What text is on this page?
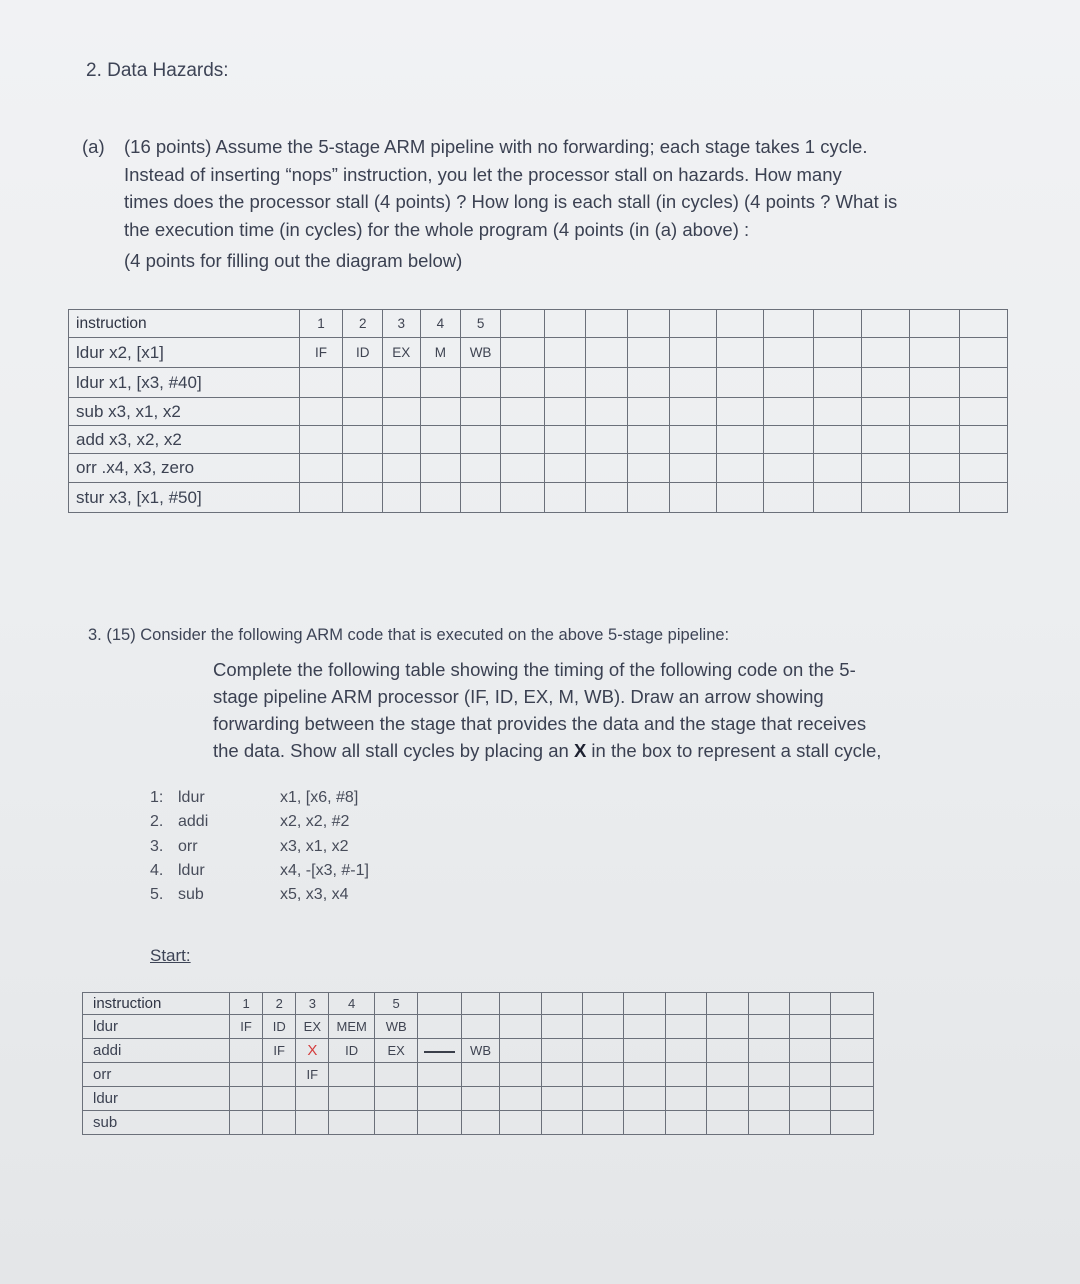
2. Data Hazards:
(a) (16 points) Assume the 5-stage ARM pipeline with no forwarding; each stage takes 1 cycle.
Instead of inserting “nops” instruction, you let the processor stall on hazards. How many
times does the processor stall (4 points) ? How long is each stall (in cycles) (4 points ? What is
the execution time (in cycles) for the whole program (4 points (in (a) above) :
(4 points for filling out the diagram below)
instruction	1	2	3	4	5											
ldur x2, [x1]	IF	ID	EX	M	WB											
ldur x1, [x3, #40]																
sub x3, x1, x2																
add x3, x2, x2																
orr .x4, x3, zero																
stur x3, [x1, #50]																
3. (15) Consider the following ARM code that is executed on the above 5-stage pipeline:
Complete the following table showing the timing of the following code on the 5-
stage pipeline ARM processor (IF, ID, EX, M, WB). Draw an arrow showing
forwarding between the stage that provides the data and the stage that receives
the data. Show all stall cycles by placing an X in the box to represent a stall cycle,
1: ldur	x1, [x6, #8]
2. addi	x2, x2, #2
3. orr	x3, x1, x2
4. ldur	x4, -[x3, #-1]
5. sub	x5, x3, x4
Start:
instruction	1	2	3	4	5											
ldur	IF	ID	EX	MEM	WB											
addi		IF	X	ID	EX		WB									
orr			IF													
ldur																
sub																
